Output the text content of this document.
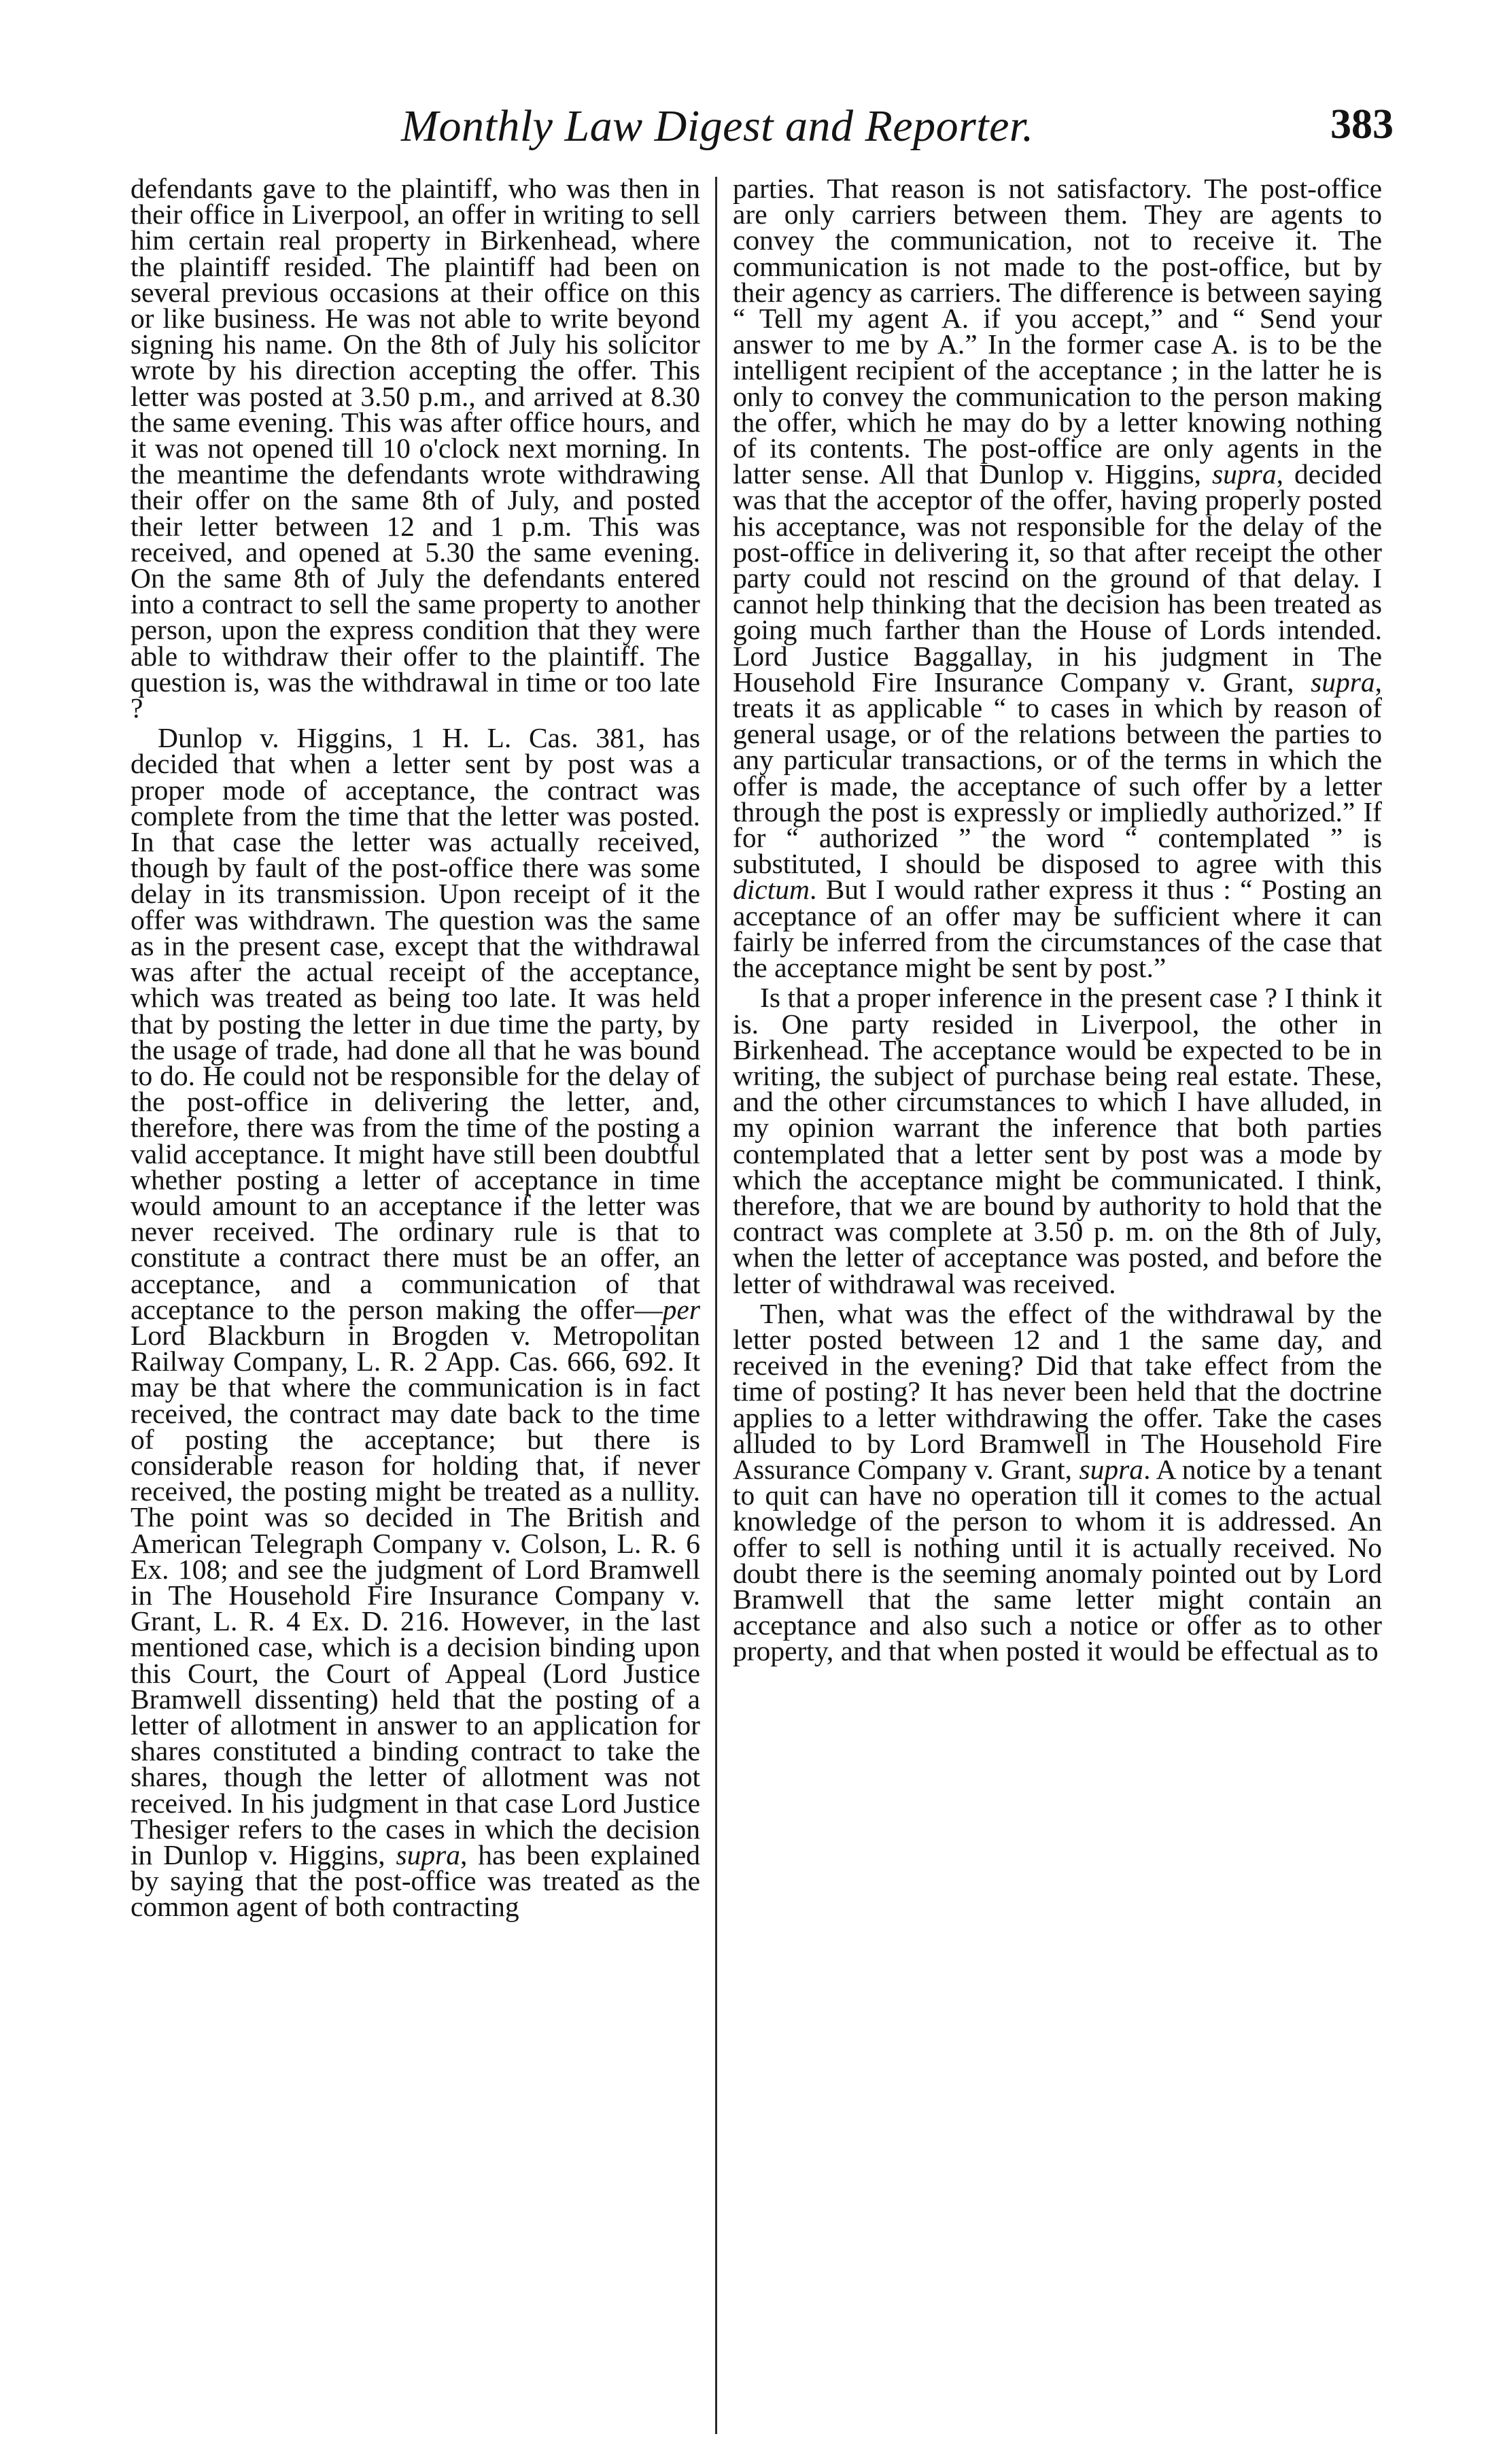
Monthly Law Digest and Reporter.	383

defendants gave to the plaintiff, who was then in their office in Liverpool, an offer in writing to sell him certain real property in Birkenhead, where the plaintiff resided. The plaintiff had been on several previous occasions at their office on this or like business. He was not able to write beyond signing his name. On the 8th of July his solicitor wrote by his direction accepting the offer. This letter was posted at 3.50 p.m., and arrived at 8.30 the same evening. This was after office hours, and it was not opened till 10 o'clock next morning. In the meantime the defendants wrote withdrawing their offer on the same 8th of July, and posted their letter between 12 and 1 p.m. This was received, and opened at 5.30 the same evening. On the same 8th of July the defendants entered into a contract to sell the same property to another person, upon the express condition that they were able to withdraw their offer to the plaintiff. The question is, was the withdrawal in time or too late ?

Dunlop v. Higgins, 1 H. L. Cas. 381, has decided that when a letter sent by post was a proper mode of acceptance, the contract was complete from the time that the letter was posted. In that case the letter was actually received, though by fault of the post-office there was some delay in its transmission. Upon receipt of it the offer was withdrawn. The question was the same as in the present case, except that the withdrawal was after the actual receipt of the acceptance, which was treated as being too late. It was held that by posting the letter in due time the party, by the usage of trade, had done all that he was bound to do. He could not be responsible for the delay of the post-office in delivering the letter, and, therefore, there was from the time of the posting a valid acceptance. It might have still been doubtful whether posting a letter of acceptance in time would amount to an acceptance if the letter was never received. The ordinary rule is that to constitute a contract there must be an offer, an acceptance, and a communication of that acceptance to the person making the offer—per Lord Blackburn in Brogden v. Metropolitan Railway Company, L. R. 2 App. Cas. 666, 692. It may be that where the communication is in fact received, the contract may date back to the time of posting the acceptance; but there is considerable reason for holding that, if never received, the posting might be treated as a nullity. The point was so decided in The British and American Telegraph Company v. Colson, L. R. 6 Ex. 108; and see the judgment of Lord Bramwell in The Household Fire Insurance Company v. Grant, L. R. 4 Ex. D. 216. However, in the last mentioned case, which is a decision binding upon this Court, the Court of Appeal (Lord Justice Bramwell dissenting) held that the posting of a letter of allotment in answer to an application for shares constituted a binding contract to take the shares, though the letter of allotment was not received. In his judgment in that case Lord Justice Thesiger refers to the cases in which the decision in Dunlop v. Higgins, supra, has been explained by saying that the post-office was treated as the common agent of both contracting

parties. That reason is not satisfactory. The post-office are only carriers between them. They are agents to convey the communication, not to receive it. The communication is not made to the post-office, but by their agency as carriers. The difference is between saying “ Tell my agent A. if you accept,” and “ Send your answer to me by A.” In the former case A. is to be the intelligent recipient of the acceptance ; in the latter he is only to convey the communication to the person making the offer, which he may do by a letter knowing nothing of its contents. The post-office are only agents in the latter sense. All that Dunlop v. Higgins, supra, decided was that the acceptor of the offer, having properly posted his acceptance, was not responsible for the delay of the post-office in delivering it, so that after receipt the other party could not rescind on the ground of that delay. I cannot help thinking that the decision has been treated as going much farther than the House of Lords intended. Lord Justice Baggallay, in his judgment in The Household Fire Insurance Company v. Grant, supra, treats it as applicable “ to cases in which by reason of general usage, or of the relations between the parties to any particular transactions, or of the terms in which the offer is made, the acceptance of such offer by a letter through the post is expressly or impliedly authorized.” If for “ authorized ” the word “ contemplated ” is substituted, I should be disposed to agree with this dictum. But I would rather express it thus : “ Posting an acceptance of an offer may be sufficient where it can fairly be inferred from the circumstances of the case that the acceptance might be sent by post.”

Is that a proper inference in the present case ? I think it is. One party resided in Liverpool, the other in Birkenhead. The acceptance would be expected to be in writing, the subject of purchase being real estate. These, and the other circumstances to which I have alluded, in my opinion warrant the inference that both parties contemplated that a letter sent by post was a mode by which the acceptance might be communicated. I think, therefore, that we are bound by authority to hold that the contract was complete at 3.50 p. m. on the 8th of July, when the letter of acceptance was posted, and before the letter of withdrawal was received.

Then, what was the effect of the withdrawal by the letter posted between 12 and 1 the same day, and received in the evening? Did that take effect from the time of posting? It has never been held that the doctrine applies to a letter withdrawing the offer. Take the cases alluded to by Lord Bramwell in The Household Fire Assurance Company v. Grant, supra. A notice by a tenant to quit can have no operation till it comes to the actual knowledge of the person to whom it is addressed. An offer to sell is nothing until it is actually received. No doubt there is the seeming anomaly pointed out by Lord Bramwell that the same letter might contain an acceptance and also such a notice or offer as to other property, and that when posted it would be effectual as to
